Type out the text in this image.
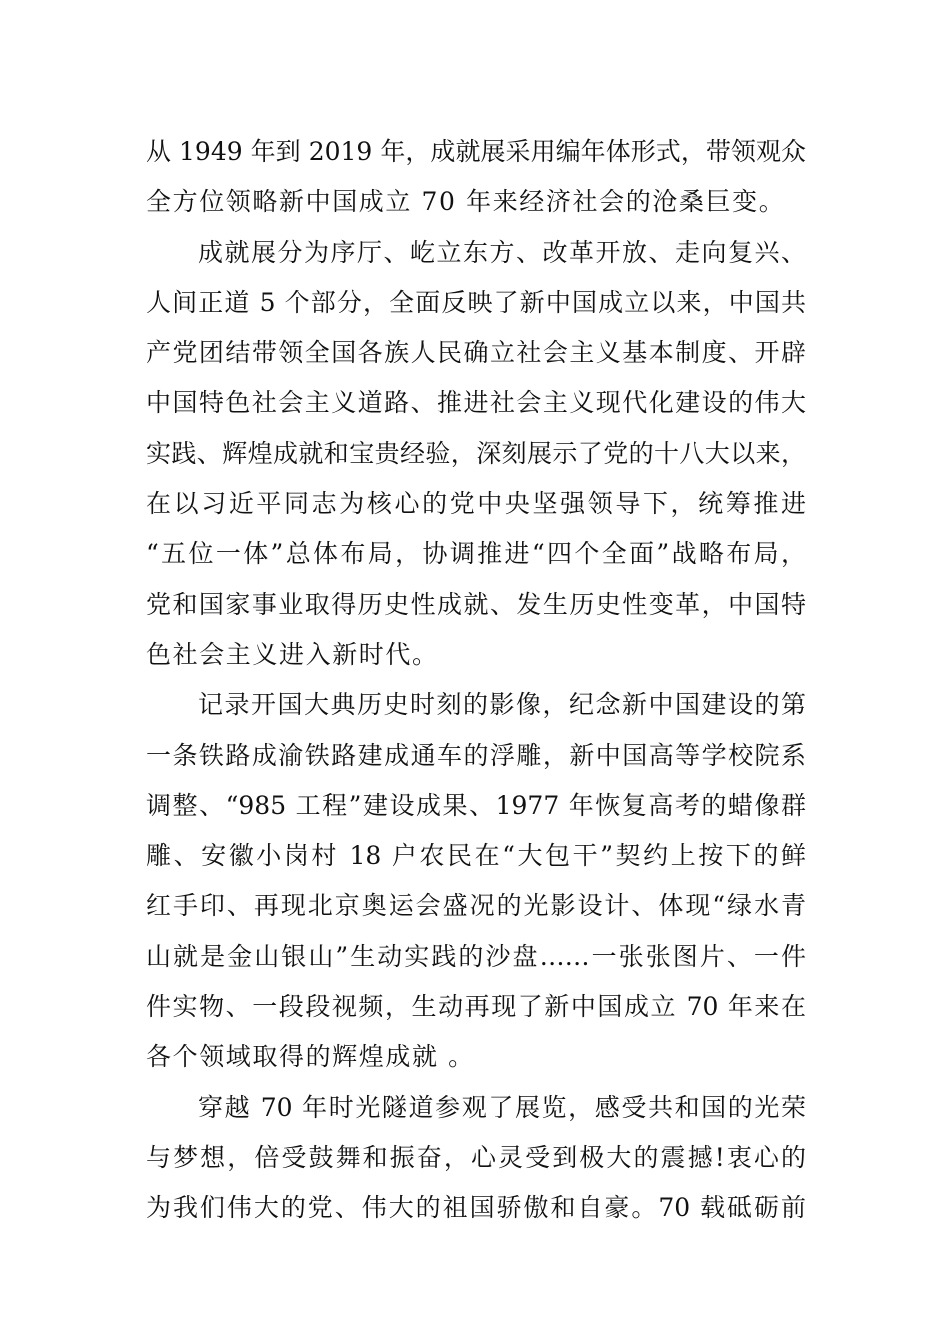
从 1949 年到 2019 年，成就展采用编年体形式，带领观众
全方位领略新中国成立 70 年来经济社会的沧桑巨变。
成就展分为序厅、屹立东方、改革开放、走向复兴、
人间正道 5 个部分，全面反映了新中国成立以来，中国共
产党团结带领全国各族人民确立社会主义基本制度、开辟
中国特色社会主义道路、推进社会主义现代化建设的伟大
实践、辉煌成就和宝贵经验，深刻展示了党的十八大以来，
在以习近平同志为核心的党中央坚强领导下，统筹推进
“五位一体”总体布局，协调推进“四个全面”战略布局，
党和国家事业取得历史性成就、发生历史性变革，中国特
色社会主义进入新时代。
记录开国大典历史时刻的影像，纪念新中国建设的第
一条铁路成渝铁路建成通车的浮雕，新中国高等学校院系
调整、“985 工程”建设成果、1977 年恢复高考的蜡像群
雕、安徽小岗村 18 户农民在“大包干”契约上按下的鲜
红手印、再现北京奥运会盛况的光影设计、体现“绿水青
山就是金山银山”生动实践的沙盘……一张张图片、一件
件实物、一段段视频，生动再现了新中国成立 70 年来在
各个领域取得的辉煌成就 。
穿越 70 年时光隧道参观了展览，感受共和国的光荣
与梦想，倍受鼓舞和振奋，心灵受到极大的震撼!衷心的
为我们伟大的党、伟大的祖国骄傲和自豪。70 载砥砺前
